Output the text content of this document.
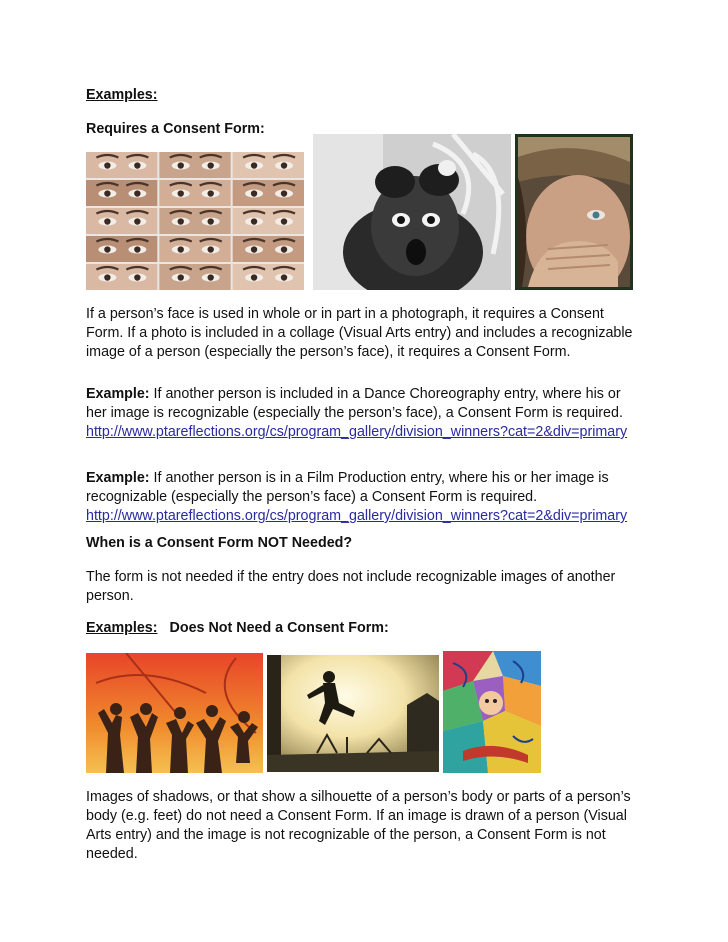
Examples:

Requires a Consent Form:

If a person’s face is used in whole or in part in a photograph, it requires a Consent
Form. If a photo is included in a collage (Visual Arts entry) and includes a recognizable
image of a person (especially the person’s face), it requires a Consent Form.
Example: If another person is included in a Dance Choreography entry, where his or
her image is recognizable (especially the person’s face), a Consent Form is required.
http://www.ptareflections.org/cs/program_gallery/division_winners?cat=2&div=primary
Example: If another person is in a Film Production entry, where his or her image is
recognizable (especially the person’s face) a Consent Form is required.
http://www.ptareflections.org/cs/program_gallery/division_winners?cat=2&div=primary

When is a Consent Form NOT Needed?

The form is not needed if the entry does not include recognizable images of another
person.

Examples: Does Not Need a Consent Form:

Images of shadows, or that show a silhouette of a person’s body or parts of a person’s
body (e.g. feet) do not need a Consent Form. If an image is drawn of a person (Visual
Arts entry) and the image is not recognizable of the person, a Consent Form is not
needed.
